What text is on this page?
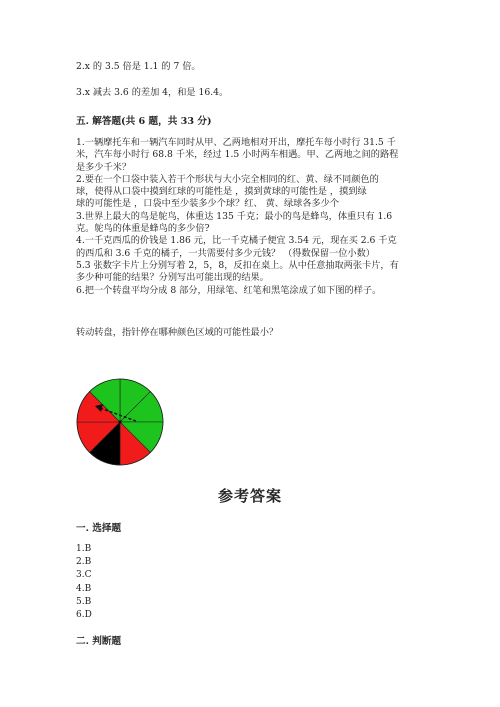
2.x 的 3.5 倍是 1.1 的 7 倍。
3.x 减去 3.6 的差加 4，和是 16.4。
五. 解答题(共 6 题，共 33 分)
1.一辆摩托车和一辆汽车同时从甲、乙两地相对开出，摩托车每小时行 31.5 千
米，汽车每小时行 68.8 千米，经过 1.5 小时两车相遇。甲、乙两地之间的路程
是多少千米？
2.要在一个口袋中装入若干个形状与大小完全相同的红、黄、绿不同颜色的
球，使得从口袋中摸到红球的可能性是 ，摸到黄球的可能性是 ，摸到绿
球的可能性是 ，口袋中至少装多少个球？红、 黄、绿球各多少个
3.世界上最大的鸟是鸵鸟，体重达 135 千克；最小的鸟是蜂鸟，体重只有 1.6
克。鸵鸟的体重是蜂鸟的多少倍?
4.一千克西瓜的价钱是 1.86 元，比一千克橘子便宜 3.54 元，现在买 2.6 千克
的西瓜和 3.6 千克的橘子，一共需要付多少元钱？ （得数保留一位小数）
5.3 张数字卡片上分别写着 2，5，8，反扣在桌上。从中任意抽取两张卡片，有
多少种可能的结果？分别写出可能出现的结果。
6.把一个转盘平均分成 8 部分，用绿笔、红笔和黑笔涂成了如下图的样子。
转动转盘，指针停在哪种颜色区域的可能性最小？
参考答案
一. 选择题
1.B
2.B
3.C
4.B
5.B
6.D
二. 判断题
